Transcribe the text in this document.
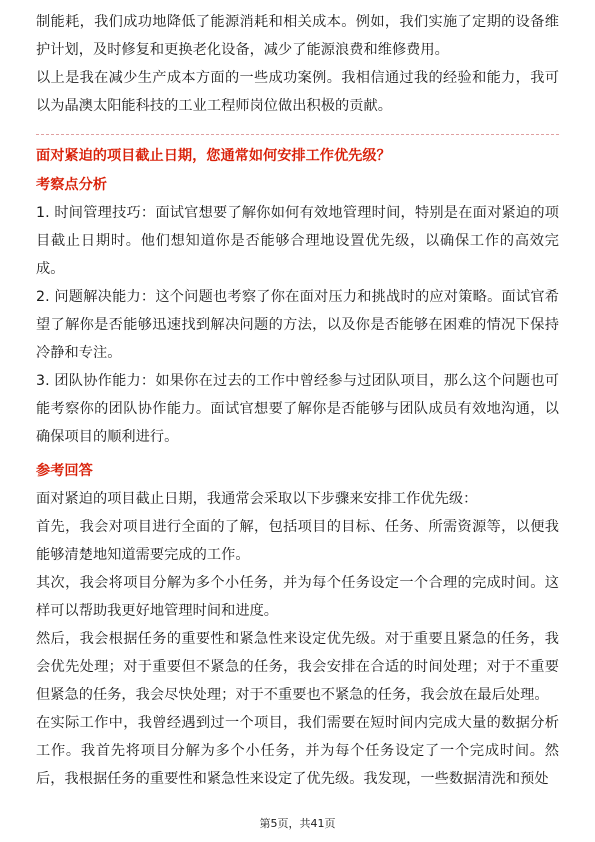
制能耗，我们成功地降低了能源消耗和相关成本。例如，我们实施了定期的设备维护计划，及时修复和更换老化设备，减少了能源浪费和维修费用。

以上是我在减少生产成本方面的一些成功案例。我相信通过我的经验和能力，我可以为晶澳太阳能科技的工业工程师岗位做出积极的贡献。

面对紧迫的项目截止日期，您通常如何安排工作优先级？
考察点分析

1. 时间管理技巧：面试官想要了解你如何有效地管理时间，特别是在面对紧迫的项目截止日期时。他们想知道你是否能够合理地设置优先级，以确保工作的高效完成。

2. 问题解决能力：这个问题也考察了你在面对压力和挑战时的应对策略。面试官希望了解你是否能够迅速找到解决问题的方法，以及你是否能够在困难的情况下保持冷静和专注。

3. 团队协作能力：如果你在过去的工作中曾经参与过团队项目，那么这个问题也可能考察你的团队协作能力。面试官想要了解你是否能够与团队成员有效地沟通，以确保项目的顺利进行。

参考回答

面对紧迫的项目截止日期，我通常会采取以下步骤来安排工作优先级：

首先，我会对项目进行全面的了解，包括项目的目标、任务、所需资源等，以便我能够清楚地知道需要完成的工作。

其次，我会将项目分解为多个小任务，并为每个任务设定一个合理的完成时间。这样可以帮助我更好地管理时间和进度。

然后，我会根据任务的重要性和紧急性来设定优先级。对于重要且紧急的任务，我会优先处理；对于重要但不紧急的任务，我会安排在合适的时间处理；对于不重要但紧急的任务，我会尽快处理；对于不重要也不紧急的任务，我会放在最后处理。

在实际工作中，我曾经遇到过一个项目，我们需要在短时间内完成大量的数据分析工作。我首先将项目分解为多个小任务，并为每个任务设定了一个完成时间。然后，我根据任务的重要性和紧急性来设定了优先级。我发现，一些数据清洗和预处

第5页，共41页
